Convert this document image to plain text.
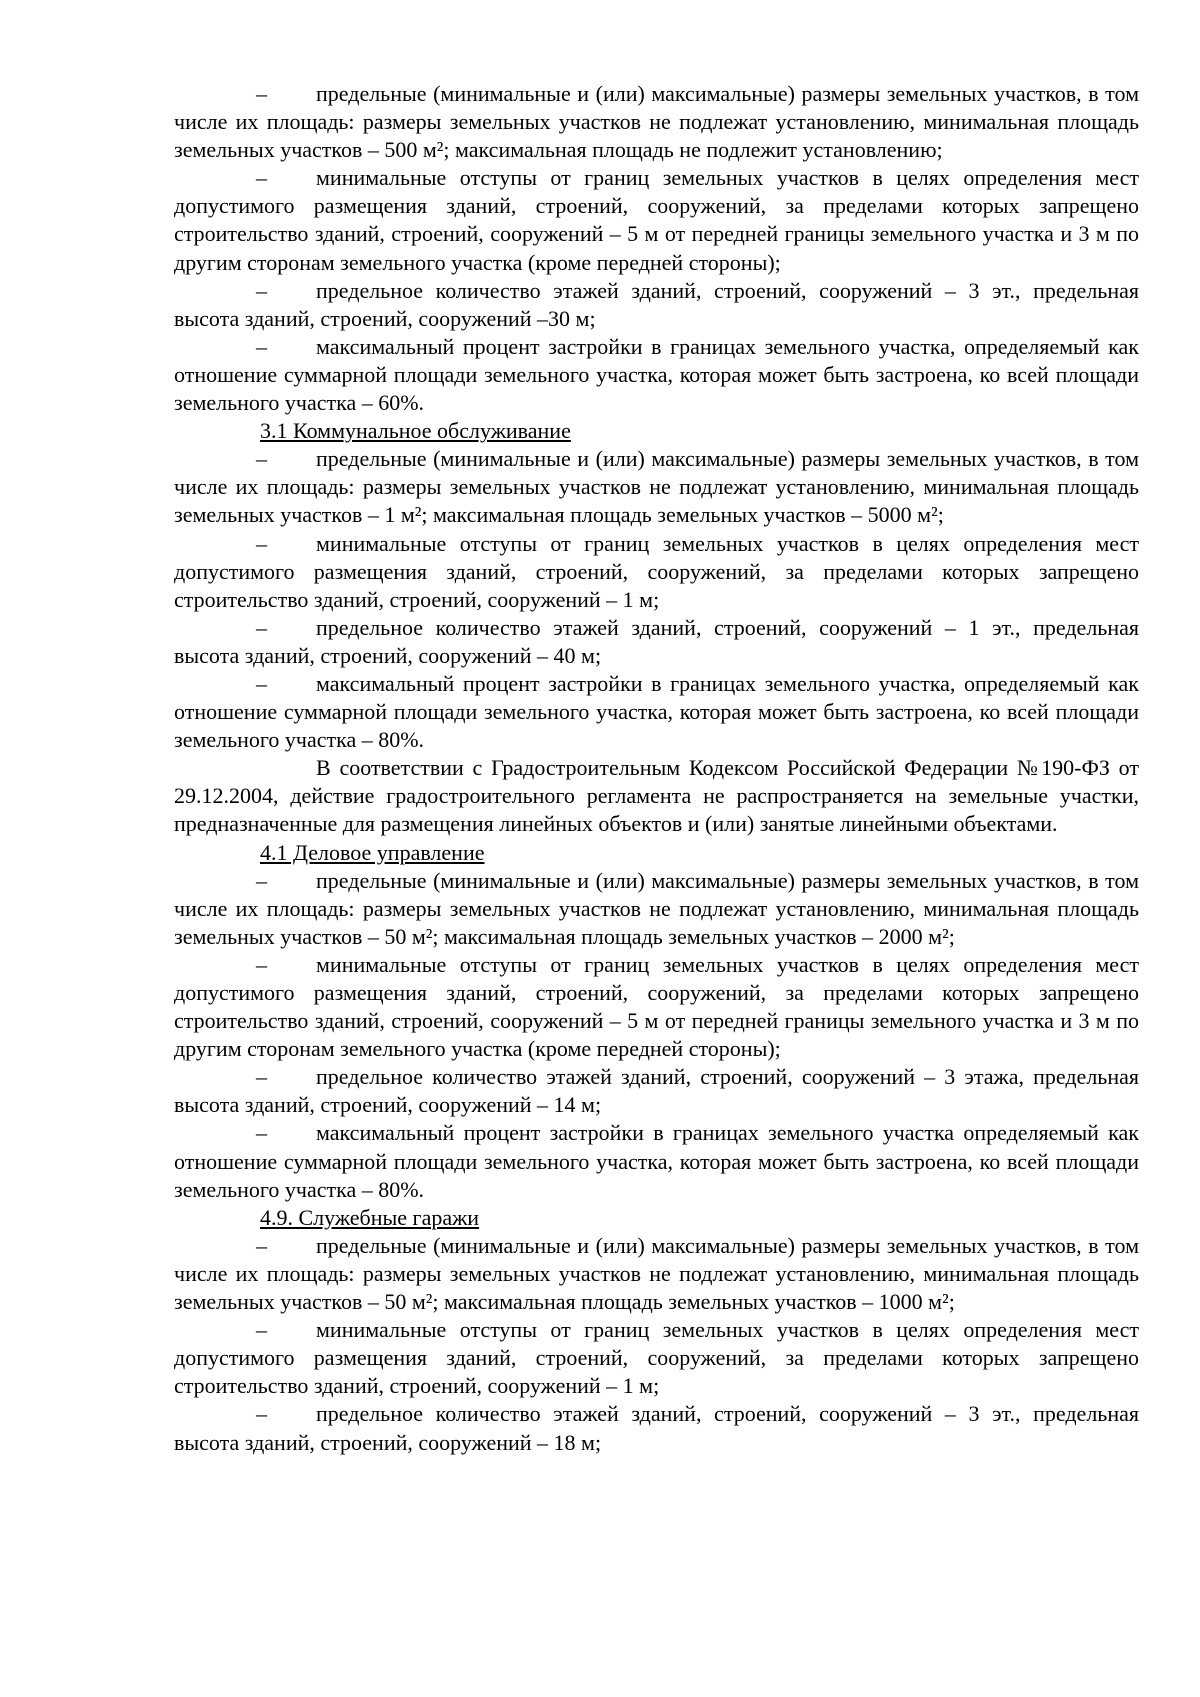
– предельные (минимальные и (или) максимальные) размеры земельных участков, в том числе их площадь: размеры земельных участков не подлежат установлению, минимальная площадь земельных участков – 500 м²; максимальная площадь не подлежит установлению;

– минимальные отступы от границ земельных участков в целях определения мест допустимого размещения зданий, строений, сооружений, за пределами которых запрещено строительство зданий, строений, сооружений – 5 м от передней границы земельного участка и 3 м по другим сторонам земельного участка (кроме передней стороны);

– предельное количество этажей зданий, строений, сооружений – 3 эт., предельная высота зданий, строений, сооружений –30 м;

– максимальный процент застройки в границах земельного участка, определяемый как отношение суммарной площади земельного участка, которая может быть застроена, ко всей площади земельного участка – 60%.

3.1 Коммунальное обслуживание

– предельные (минимальные и (или) максимальные) размеры земельных участков, в том числе их площадь: размеры земельных участков не подлежат установлению, минимальная площадь земельных участков – 1 м²; максимальная площадь земельных участков – 5000 м²;

– минимальные отступы от границ земельных участков в целях определения мест допустимого размещения зданий, строений, сооружений, за пределами которых запрещено строительство зданий, строений, сооружений – 1 м;

– предельное количество этажей зданий, строений, сооружений – 1 эт., предельная высота зданий, строений, сооружений – 40 м;

– максимальный процент застройки в границах земельного участка, определяемый как отношение суммарной площади земельного участка, которая может быть застроена, ко всей площади земельного участка – 80%.

В соответствии с Градостроительным Кодексом Российской Федерации №190-ФЗ от 29.12.2004, действие градостроительного регламента не распространяется на земельные участки, предназначенные для размещения линейных объектов и (или) занятые линейными объектами.

4.1 Деловое управление

– предельные (минимальные и (или) максимальные) размеры земельных участков, в том числе их площадь: размеры земельных участков не подлежат установлению, минимальная площадь земельных участков – 50 м²; максимальная площадь земельных участков – 2000 м²;

– минимальные отступы от границ земельных участков в целях определения мест допустимого размещения зданий, строений, сооружений, за пределами которых запрещено строительство зданий, строений, сооружений – 5 м от передней границы земельного участка и 3 м по другим сторонам земельного участка (кроме передней стороны);

– предельное количество этажей зданий, строений, сооружений – 3 этажа, предельная высота зданий, строений, сооружений – 14 м;

– максимальный процент застройки в границах земельного участка определяемый как отношение суммарной площади земельного участка, которая может быть застроена, ко всей площади земельного участка – 80%.

4.9. Служебные гаражи

– предельные (минимальные и (или) максимальные) размеры земельных участков, в том числе их площадь: размеры земельных участков не подлежат установлению, минимальная площадь земельных участков – 50 м²; максимальная площадь земельных участков – 1000 м²;

– минимальные отступы от границ земельных участков в целях определения мест допустимого размещения зданий, строений, сооружений, за пределами которых запрещено строительство зданий, строений, сооружений – 1 м;

– предельное количество этажей зданий, строений, сооружений – 3 эт., предельная высота зданий, строений, сооружений – 18 м;
